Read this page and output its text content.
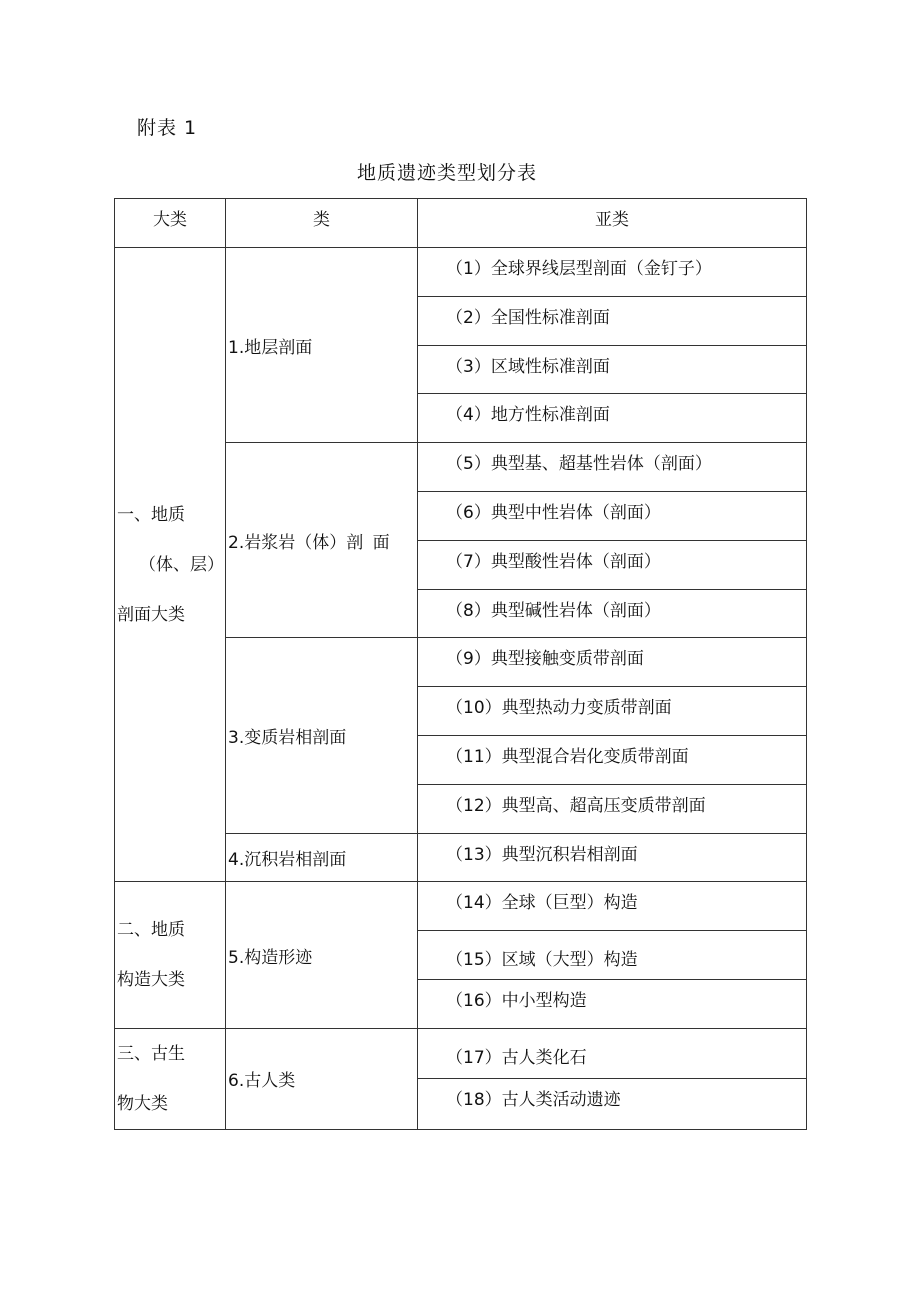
附表 1
地质遗迹类型划分表
大类	类	亚类

一、地质
（体、层）
剖面大类	1.地层剖面	（1）全球界线层型剖面（金钉子）

		（2）全国性标准剖面

		（3）区域性标准剖面

		（4）地方性标准剖面

	2.岩浆岩（体）剖 面	（5）典型基、超基性岩体（剖面）

		（6）典型中性岩体（剖面）

		（7）典型酸性岩体（剖面）

		（8）典型碱性岩体（剖面）

	3.变质岩相剖面	（9）典型接触变质带剖面

		（10）典型热动力变质带剖面

		（11）典型混合岩化变质带剖面

		（12）典型高、超高压变质带剖面

	4.沉积岩相剖面	（13）典型沉积岩相剖面

二、地质
构造大类	5.构造形迹	（14）全球（巨型）构造

		（15）区域（大型）构造

		（16）中小型构造

三、古生
物大类	6.古人类	（17）古人类化石

		（18）古人类活动遗迹
